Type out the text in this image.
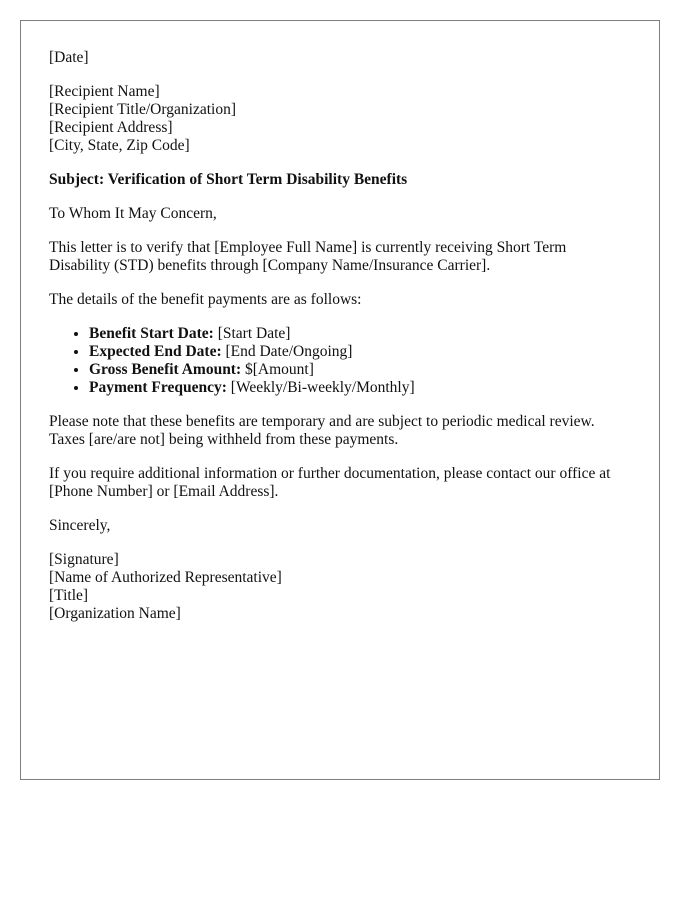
[Date]
[Recipient Name]
[Recipient Title/Organization]
[Recipient Address]
[City, State, Zip Code]
Subject: Verification of Short Term Disability Benefits
To Whom It May Concern,
This letter is to verify that [Employee Full Name] is currently receiving Short Term Disability (STD) benefits through [Company Name/Insurance Carrier].
The details of the benefit payments are as follows:
• Benefit Start Date: [Start Date]
• Expected End Date: [End Date/Ongoing]
• Gross Benefit Amount: $[Amount]
• Payment Frequency: [Weekly/Bi-weekly/Monthly]
Please note that these benefits are temporary and are subject to periodic medical review. Taxes [are/are not] being withheld from these payments.
If you require additional information or further documentation, please contact our office at [Phone Number] or [Email Address].
Sincerely,
[Signature]
[Name of Authorized Representative]
[Title]
[Organization Name]
